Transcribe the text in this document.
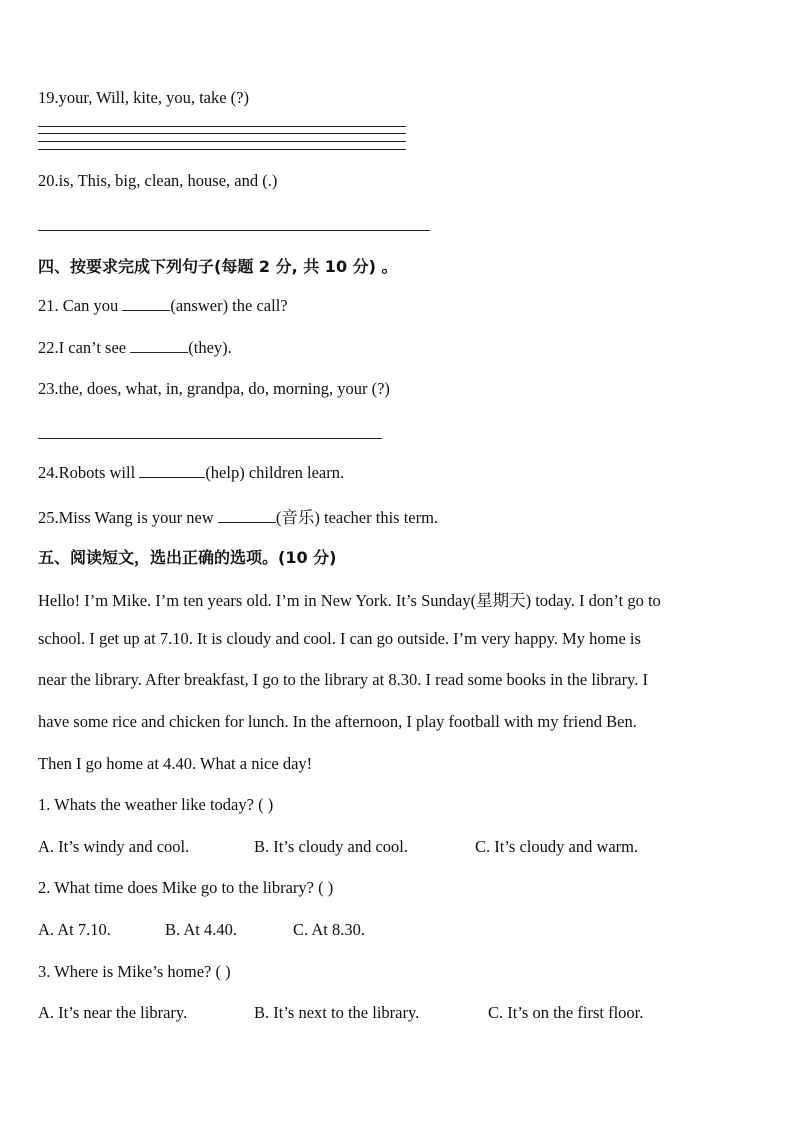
19.your, Will, kite, you, take (?)
20.is, This, big, clean, house, and (.)
四、按要求完成下列句子(每题 2 分, 共 10 分) 。
21. Can you	(answer) the call?
22.I can’t see	(they).
23.the, does, what, in, grandpa, do, morning, your (?)
24.Robots will	(help) children learn.
25.Miss Wang is your new	(音乐) teacher this term.
五、阅读短文，选出正确的选项。(10 分)
Hello! I’m Mike. I’m ten years old. I’m in New York. It’s Sunday(星期天) today. I don’t go to
school. I get up at 7.10. It is cloudy and cool. I can go outside. I’m very happy. My home is
near the library. After breakfast, I go to the library at 8.30. I read some books in the library. I
have some rice and chicken for lunch. In the afternoon, I play football with my friend Ben.
Then I go home at 4.40. What a nice day!
1. Whats the weather like today? ( )
A. It’s windy and cool.	B. It’s cloudy and cool.	C. It’s cloudy and warm.
2. What time does Mike go to the library? ( )
A. At 7.10.	B. At 4.40.	C. At 8.30.
3. Where is Mike’s home? ( )
A. It’s near the library.	B. It’s next to the library.	C. It’s on the first floor.
